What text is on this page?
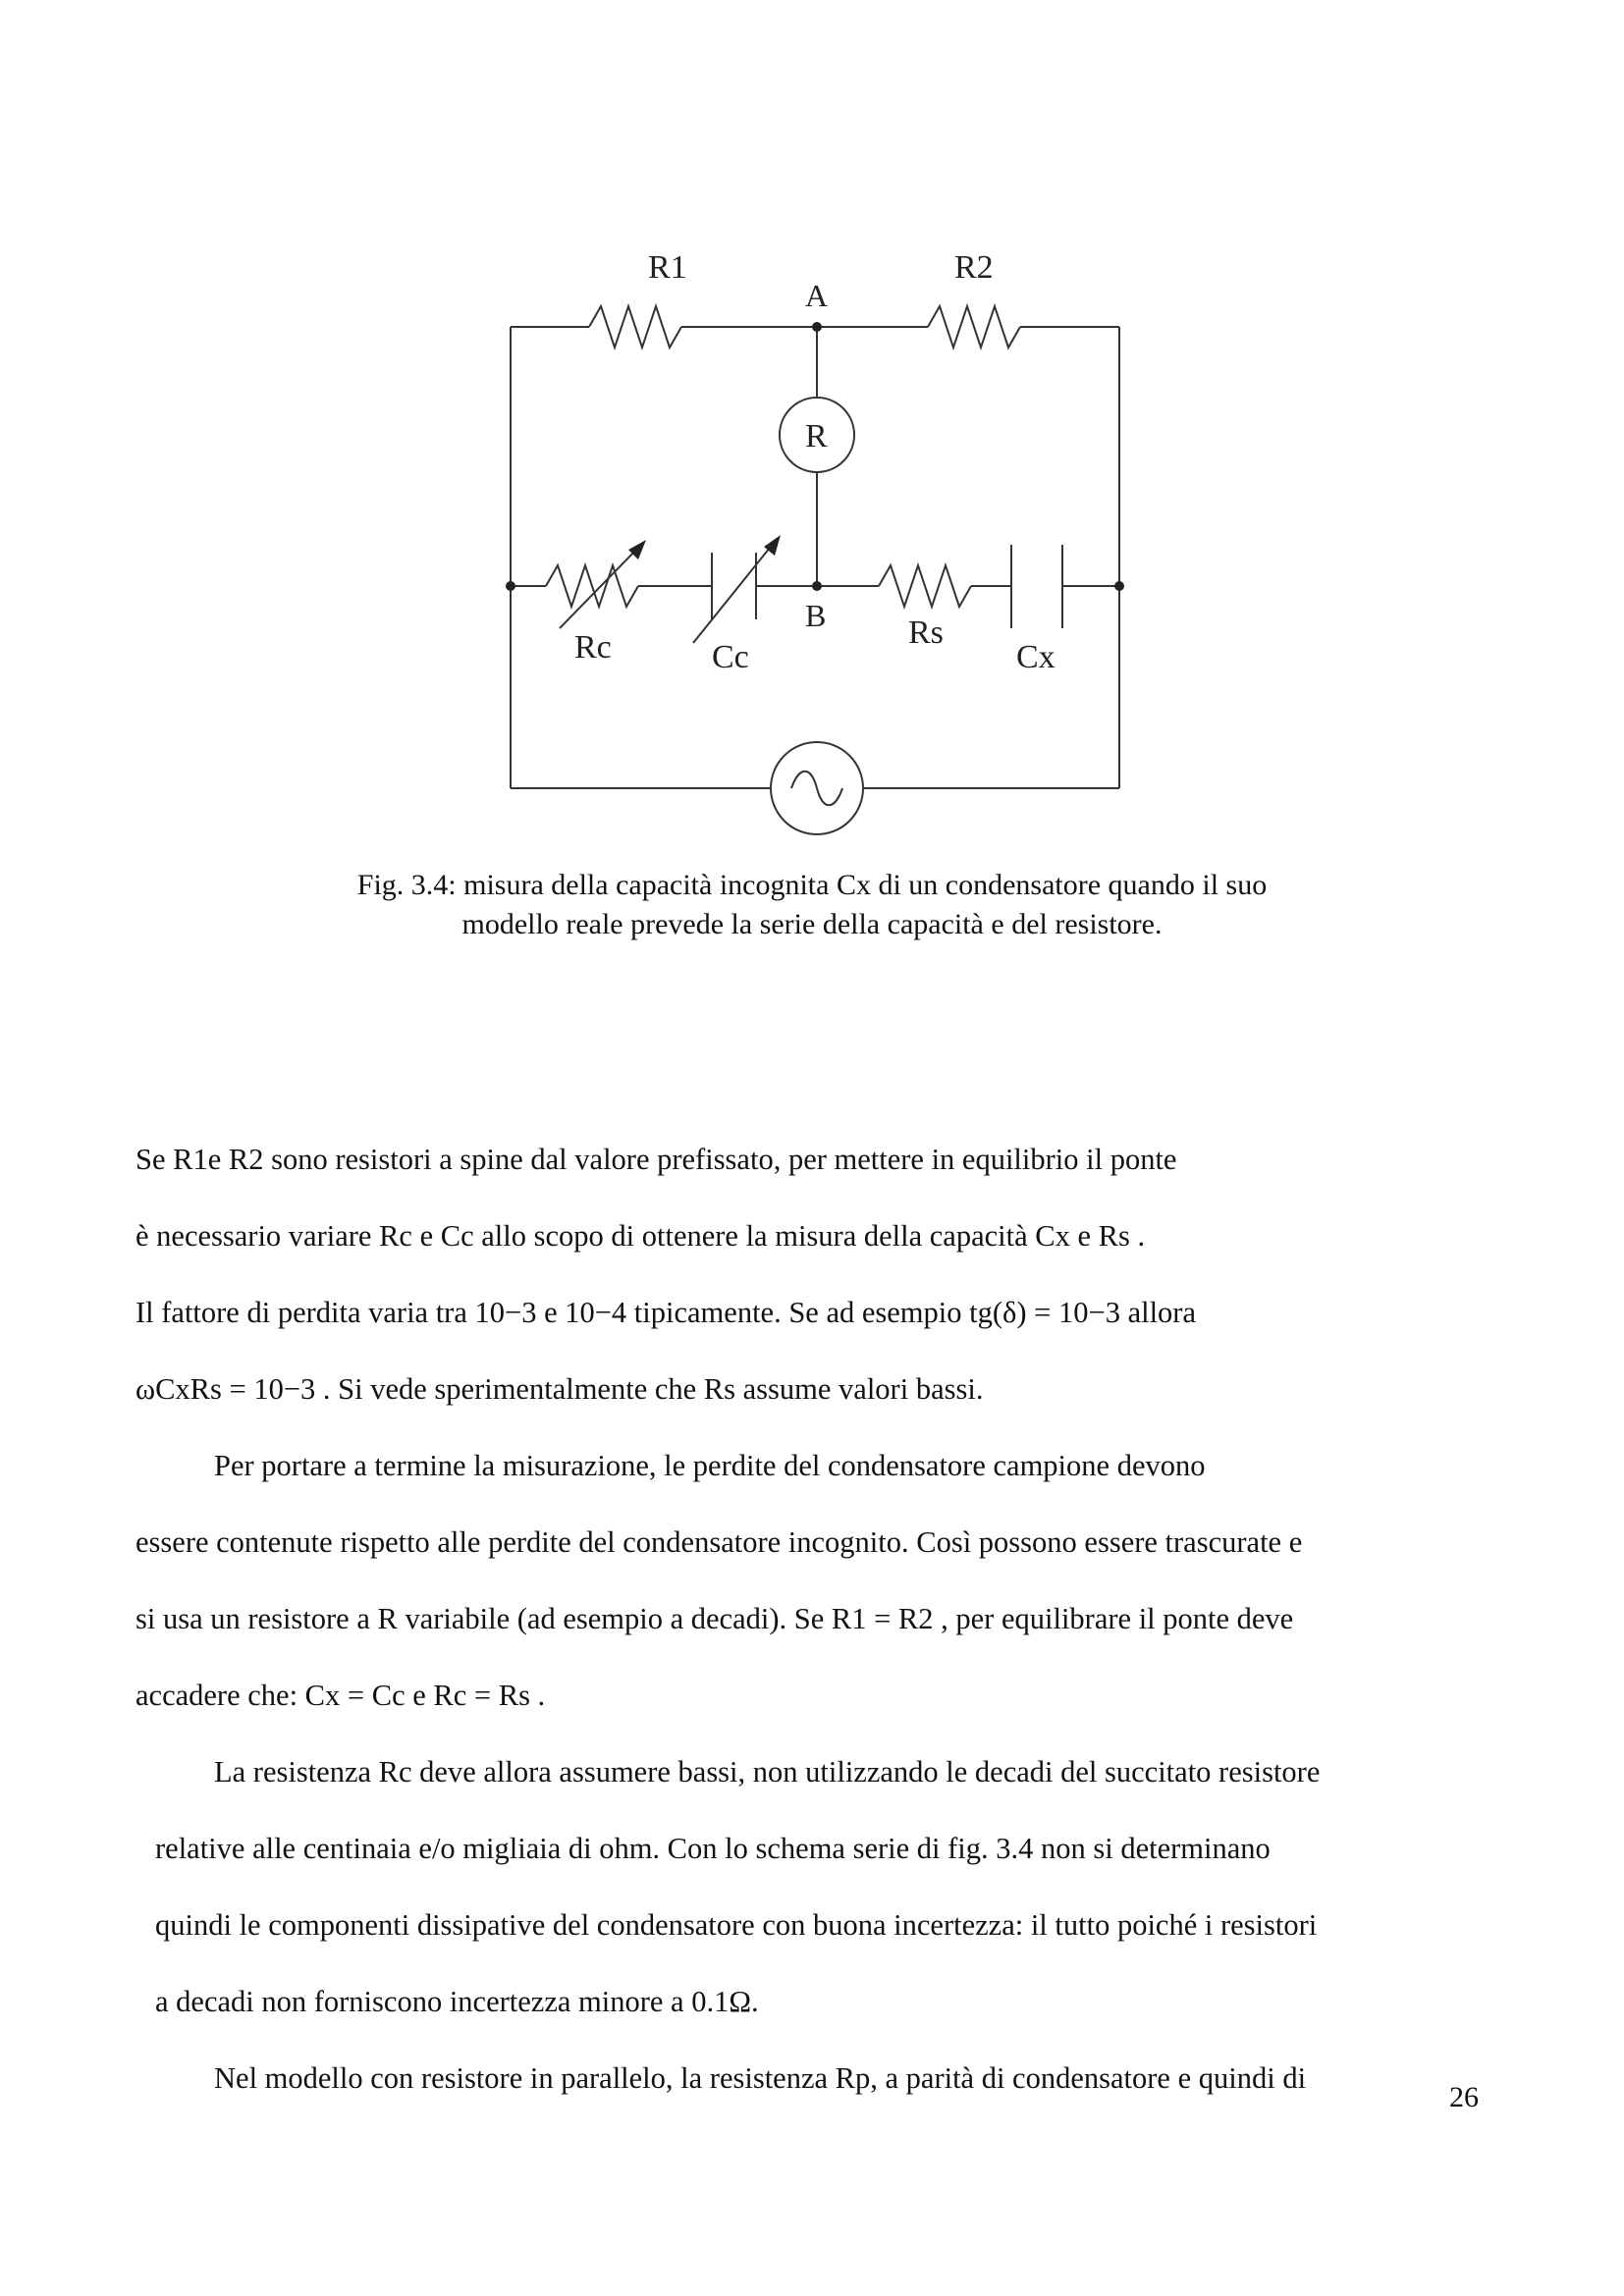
R1	R2
A
R
B
Rc	Cc
Rs
Cx
Fig. 3.4: misura della capacità incognita Cx di un condensatore quando il suo
modello reale prevede la serie della capacità e del resistore.
Se R1e R2 sono resistori a spine dal valore prefissato, per mettere in equilibrio il ponte
è necessario variare Rc e Cc allo scopo di ottenere la misura della capacità Cx e Rs .
Il fattore di perdita varia tra 10−3 e 10−4 tipicamente. Se ad esempio tg(δ) = 10−3 allora
ωCxRs = 10−3 . Si vede sperimentalmente che Rs assume valori bassi.
Per portare a termine la misurazione, le perdite del condensatore campione devono
essere contenute rispetto alle perdite del condensatore incognito. Così possono essere trascurate e
si usa un resistore a R variabile (ad esempio a decadi). Se R1 = R2 , per equilibrare il ponte deve
accadere che: Cx = Cc e Rc = Rs .
La resistenza Rc deve allora assumere bassi, non utilizzando le decadi del succitato resistore
relative alle centinaia e/o migliaia di ohm. Con lo schema serie di fig. 3.4 non si determinano
quindi le componenti dissipative del condensatore con buona incertezza: il tutto poiché i resistori
a decadi non forniscono incertezza minore a 0.1Ω.
Nel modello con resistore in parallelo, la resistenza Rp, a parità di condensatore e quindi di
26
